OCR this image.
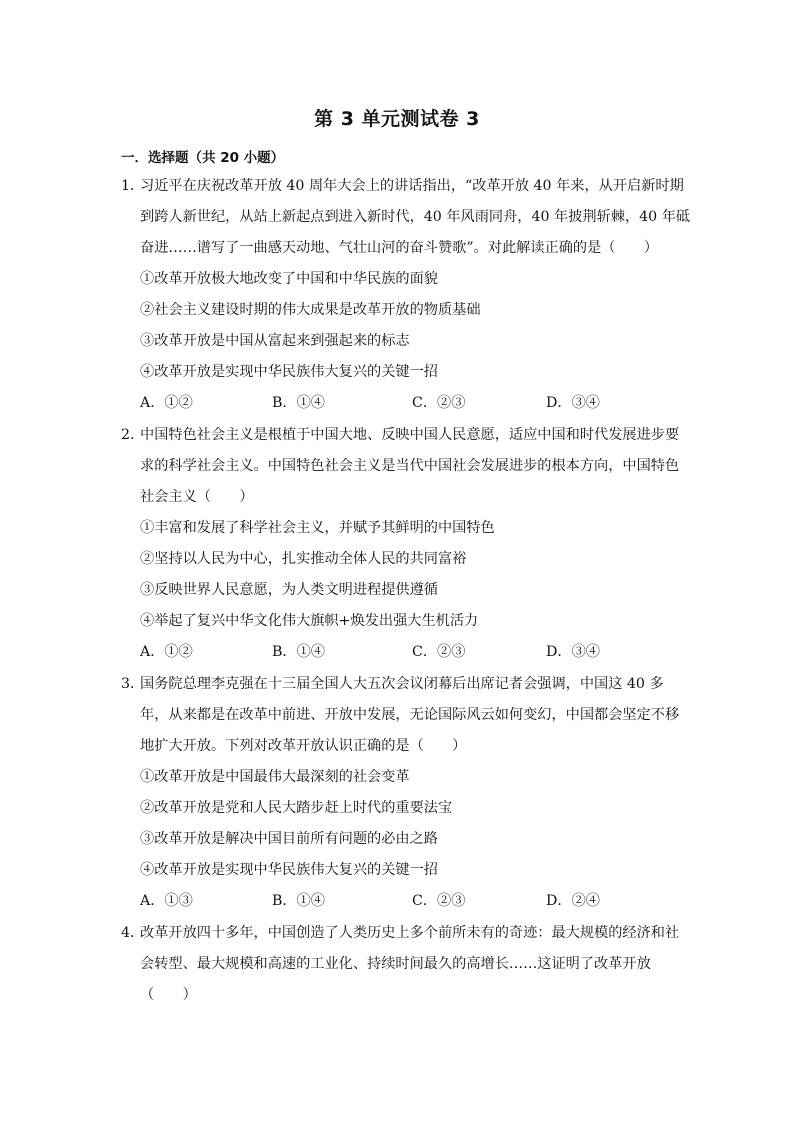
第 3 单元测试卷 3
一．选择题（共 20 小题）
1．
习近平在庆祝改革开放 40 周年大会上的讲话指出，“改革开放 40 年来，从开启新时期
到跨人新世纪，从站上新起点到进入新时代，40 年风雨同舟，40 年披荆斩棘，40 年砥
奋进……谱写了一曲感天动地、气壮山河的奋斗赞歌”。对此解读正确的是（　　）
①改革开放极大地改变了中国和中华民族的面貌
②社会主义建设时期的伟大成果是改革开放的物质基础
③改革开放是中国从富起来到强起来的标志
④改革开放是实现中华民族伟大复兴的关键一招
A．①②	B．①④	C．②③	D．③④
2．
中国特色社会主义是根植于中国大地、反映中国人民意愿，适应中国和时代发展进步要
求的科学社会主义。中国特色社会主义是当代中国社会发展进步的根本方向，中国特色
社会主义（　　）
①丰富和发展了科学社会主义，并赋予其鲜明的中国特色
②坚持以人民为中心，扎实推动全体人民的共同富裕
③反映世界人民意愿，为人类文明进程提供遵循
④举起了复兴中华文化伟大旗帜+焕发出强大生机活力
A．①②	B．①④	C．②③	D．③④
3．
国务院总理李克强在十三届全国人大五次会议闭幕后出席记者会强调，中国这 40 多
年，从来都是在改革中前进、开放中发展，无论国际风云如何变幻，中国都会坚定不移
地扩大开放。下列对改革开放认识正确的是（　　）
①改革开放是中国最伟大最深刻的社会变革
②改革开放是党和人民大踏步赶上时代的重要法宝
③改革开放是解决中国目前所有问题的必由之路
④改革开放是实现中华民族伟大复兴的关键一招
A．①③	B．①④	C．②③	D．②④
4．
改革开放四十多年，中国创造了人类历史上多个前所未有的奇迹：最大规模的经济和社
会转型、最大规模和高速的工业化、持续时间最久的高增长……这证明了改革开放
（　　）
